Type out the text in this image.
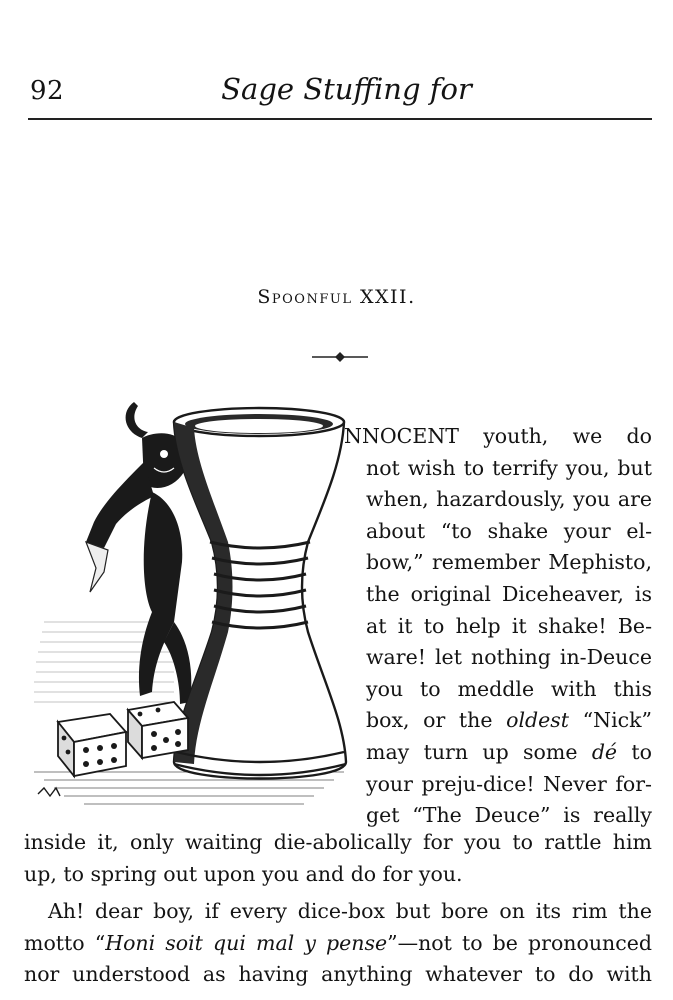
92	Sage Stuffing for
Spoonful XXII.
NNOCENT youth, we do
not wish to terrify you, but
when, hazardously, you are
about “to shake your el-
bow,” remember Mephisto,
the original Diceheaver, is
at it to help it shake! Be-
ware! let nothing in-Deuce
you to meddle with this
box, or the oldest “Nick”
may turn up some dé to
your preju-dice! Never for-
get “The Deuce” is really
inside it, only waiting die-abolically for you to rattle him
up, to spring out upon you and do for you.
Ah! dear boy, if every dice-box but bore on its rim the
motto “Honi soit qui mal y pense”—not to be pronounced
nor understood as having anything whatever to do with
